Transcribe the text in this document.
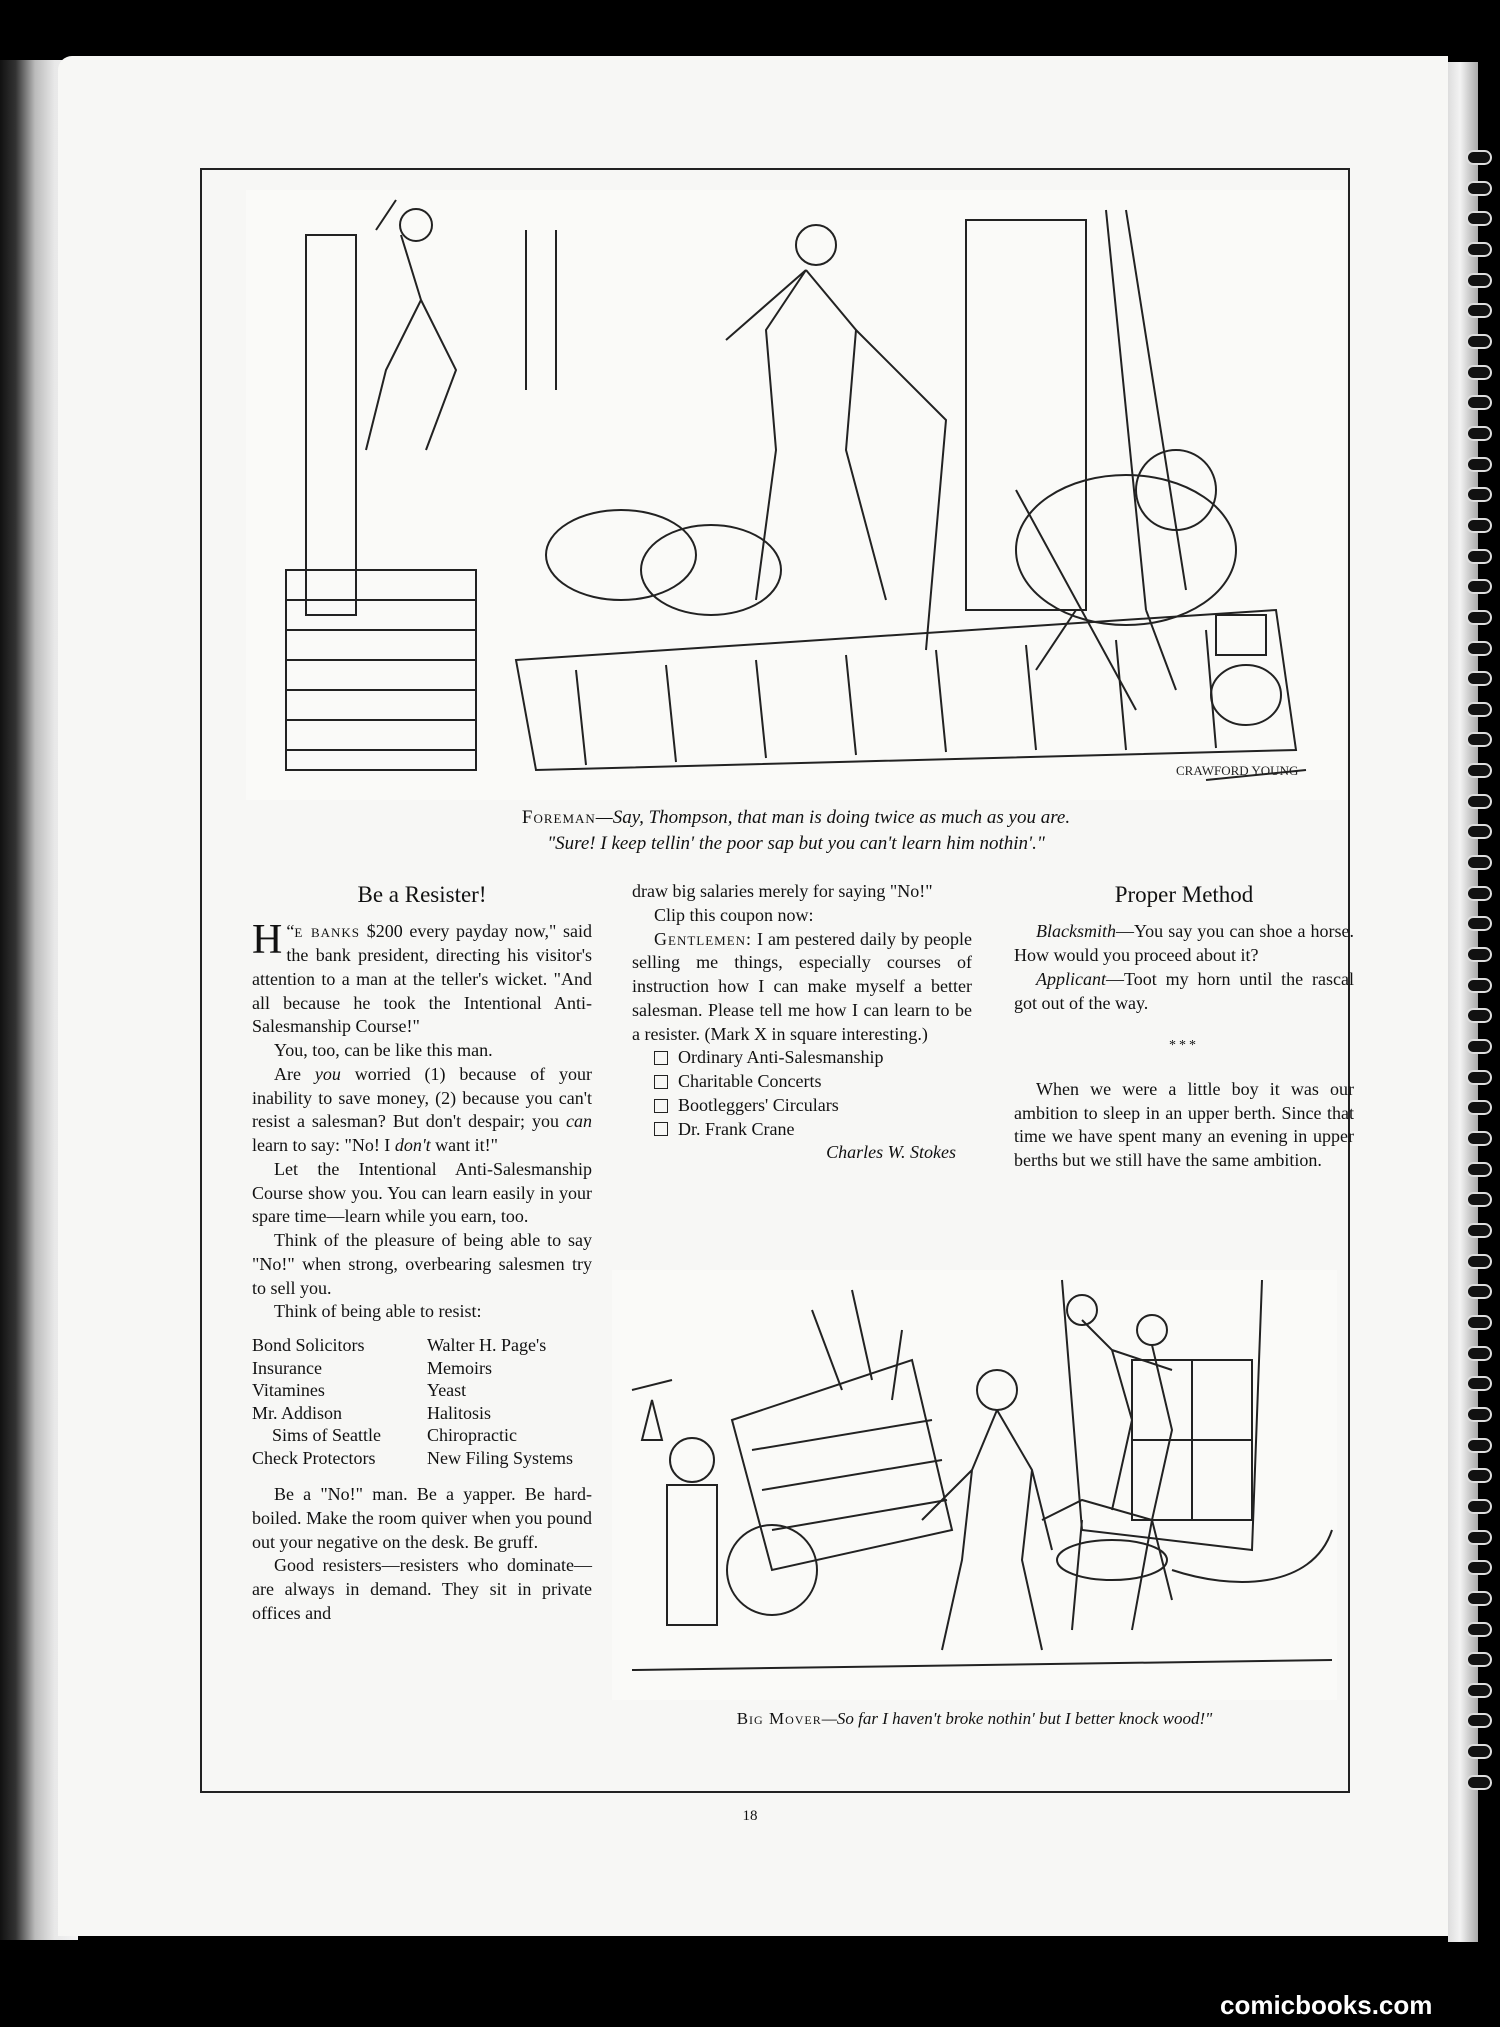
CRAWFORD YOUNG
Foreman—Say, Thompson, that man is doing twice as much as you are.
"Sure! I keep tellin' the poor sap but you can't learn him nothin'."
Be a Resister!

“
H e banks $200 every payday now," said the bank president, directing his visitor's attention to a man at the teller's wicket. "And all because he took the Intentional Anti-Salesmanship Course!"

You, too, can be like this man.

Are you worried (1) because of your inability to save money, (2) because you can't resist a salesman? But don't despair; you can learn to say: "No! I don't want it!"

Let the Intentional Anti-Salesmanship Course show you. You can learn easily in your spare time—learn while you earn, too.

Think of the pleasure of being able to say "No!" when strong, overbearing salesmen try to sell you.

Think of being able to resist:

Bond Solicitors
Insurance
Vitamines
Mr. Addison
Sims of Seattle
Check Protectors
Walter H. Page's Memoirs
Yeast
Halitosis
Chiropractic
New Filing Systems

Be a "No!" man. Be a yapper. Be hard-boiled. Make the room quiver when you pound out your negative on the desk. Be gruff.

Good resisters—resisters who dominate—are always in demand. They sit in private offices and

draw big salaries merely for saying "No!"

Clip this coupon now:

Gentlemen: I am pestered daily by people selling me things, especially courses of instruction how I can make myself a better salesman. Please tell me how I can learn to be a resister. (Mark X in square interesting.)

Ordinary Anti-Salesmanship
Charitable Concerts
Bootleggers' Circulars
Dr. Frank Crane
Charles W. Stokes
Proper Method

Blacksmith—You say you can shoe a horse. How would you proceed about it?

Applicant—Toot my horn until the rascal got out of the way.

***

When we were a little boy it was our ambition to sleep in an upper berth. Since that time we have spent many an evening in upper berths but we still have the same ambition.

Big Mover—So far I haven't broke nothin' but I better knock wood!"
18
comicbooks.com
